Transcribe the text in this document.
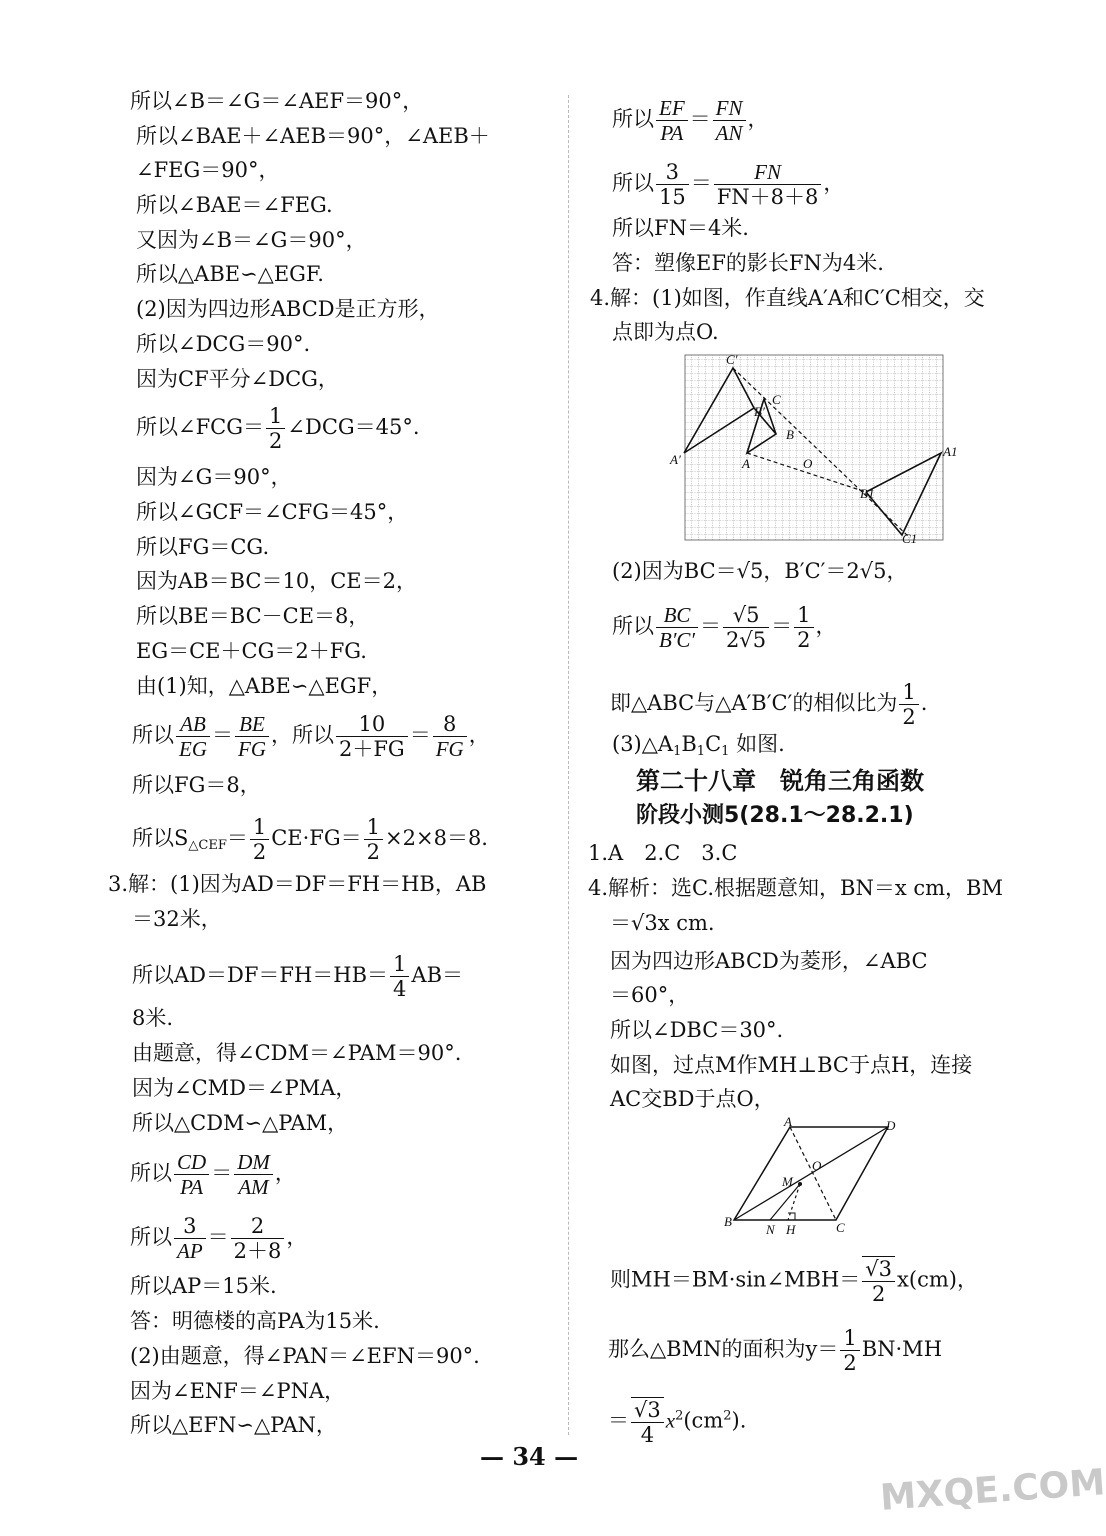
所以∠B＝∠G＝∠AEF＝90°，
所以∠BAE＋∠AEB＝90°，∠AEB＋
∠FEG＝90°，
所以∠BAE＝∠FEG.
又因为∠B＝∠G＝90°，
所以△ABE∽△EGF.
(2)因为四边形ABCD是正方形，
所以∠DCG＝90°.
因为CF平分∠DCG，
所以∠FCG＝ $\frac{1}{2}$ ∠DCG＝45°.
因为∠G＝90°，
所以∠GCF＝∠CFG＝45°，
所以FG＝CG.
因为AB＝BC＝10，CE＝2，
所以BE＝BC－CE＝8，
EG＝CE＋CG＝2＋FG.
由(1)知，△ABE∽△EGF，
所以 $\frac{AB}{EG} = \frac{BE}{FG}$ ，所以 $\frac{10}{2+FG} = \frac{8}{FG}$ ，
所以FG＝8，
所以$S_{\triangle CEF}= \frac{1}{2} CE\cdot FG= \frac{1}{2} \times 2\times 8=8$.
3.解：(1)因为AD＝DF＝FH＝HB，AB
＝32米，
所以$AD=DF=FH=HB= \frac{1}{4} AB=$
8米.
由题意，得∠CDM＝∠PAM＝90°.
因为∠CMD＝∠PMA，
所以△CDM∽△PAM，
所以 $\frac{CD}{PA} = \frac{DM}{AM}$ ，
所以 $\frac{3}{AP} = \frac{2}{2+8}$ ，
所以AP＝15米.
答：明德楼的高PA为15米.
(2)由题意，得∠PAN＝∠EFN＝90°.
因为∠ENF＝∠PNA，
所以△EFN∽△PAN，
所以 $\frac{EF}{PA} = \frac{FN}{AN}$ ，
所以 $\frac{3}{15} = \frac{FN}{FN+8+8}$ ，
所以FN＝4米.
答：塑像EF的影长FN为4米.
4.解：(1)如图，作直线A′A和C′C相交，交
点即为点O.
C′
B′
C
B
A′	A	O
A1
B1
C1
(2)因为BC＝√5，B′C′＝2√5，
所以 $\frac{BC}{B'C'} = \frac{√5}{2√5} = \frac{1}{2}$ ，
即△ABC与△A′B′C′的相似比为 $\frac{1}{2}$ .
$(3)\triangle A_1B_1C_1$ 如图.
第二十八章　锐角三角函数
阶段小测5(28.1～28.2.1)
1.A　2.C　3.C
4.解析：选C.根据题意知，BN＝x cm，BM
＝√3x cm.
因为四边形ABCD为菱形，∠ABC
＝60°，
所以∠DBC＝30°.
如图，过点M作MH⊥BC于点H，连接
AC交BD于点O，
A	D
O
M
B
N H	C
则MH＝BM·sin∠MBH＝ $\frac{√3}{2} x(cm)$，
那么△BMN的面积为$y= \frac{1}{2} BN\cdot MH$
＝ $\frac{√3}{4} x^2(cm^2)$.
— 34 —
MXQE.COM
